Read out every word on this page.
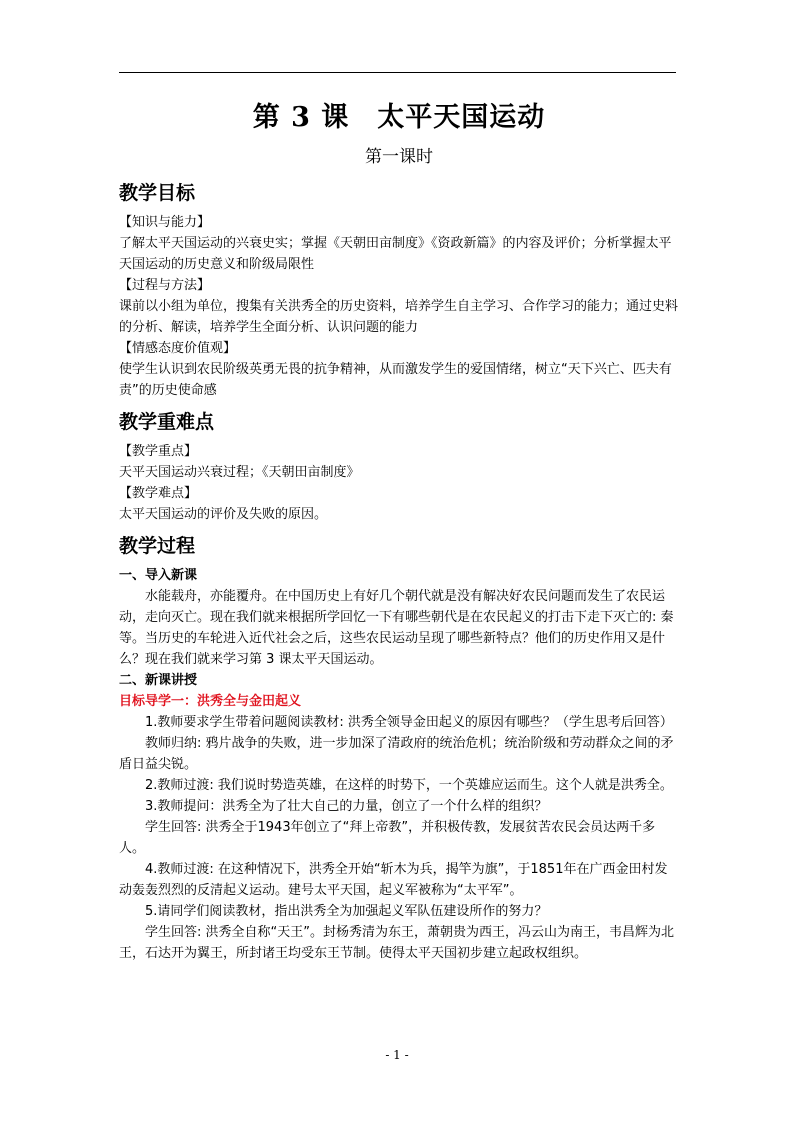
第 3 课　太平天国运动
第一课时
教学目标

【知识与能力】

了解太平天国运动的兴衰史实；掌握《天朝田亩制度》《资政新篇》的内容及评价；分析掌握太平天国运动的历史意义和阶级局限性

【过程与方法】

课前以小组为单位，搜集有关洪秀全的历史资料，培养学生自主学习、合作学习的能力；通过史料的分析、解读，培养学生全面分析、认识问题的能力

【情感态度价值观】

使学生认识到农民阶级英勇无畏的抗争精神，从而激发学生的爱国情绪，树立“天下兴亡、匹夫有责”的历史使命感

教学重难点

【教学重点】

天平天国运动兴衰过程；《天朝田亩制度》

【教学难点】

太平天国运动的评价及失败的原因。

教学过程

一、导入新课

水能载舟，亦能覆舟。在中国历史上有好几个朝代就是没有解决好农民问题而发生了农民运动，走向灭亡。现在我们就来根据所学回忆一下有哪些朝代是在农民起义的打击下走下灭亡的: 秦等。当历史的车轮进入近代社会之后，这些农民运动呈现了哪些新特点？他们的历史作用又是什么？现在我们就来学习第 3 课太平天国运动。

二、新课讲授

目标导学一：洪秀全与金田起义

1.教师要求学生带着问题阅读教材: 洪秀全领导金田起义的原因有哪些？（学生思考后回答）

教师归纳: 鸦片战争的失败，进一步加深了清政府的统治危机；统治阶级和劳动群众之间的矛盾日益尖锐。

2.教师过渡: 我们说时势造英雄，在这样的时势下，一个英雄应运而生。这个人就是洪秀全。

3.教师提问：洪秀全为了壮大自己的力量，创立了一个什么样的组织？

学生回答: 洪秀全于1943年创立了“拜上帝教”，并积极传教，发展贫苦农民会员达两千多人。

4.教师过渡: 在这种情况下，洪秀全开始“斩木为兵，揭竿为旗”，于1851年在广西金田村发动轰轰烈烈的反清起义运动。建号太平天国，起义军被称为“太平军”。

5.请同学们阅读教材，指出洪秀全为加强起义军队伍建设所作的努力？

学生回答: 洪秀全自称“天王”。封杨秀清为东王，萧朝贵为西王，冯云山为南王，韦昌辉为北王，石达开为翼王，所封诸王均受东王节制。使得太平天国初步建立起政权组织。

- 1 -
